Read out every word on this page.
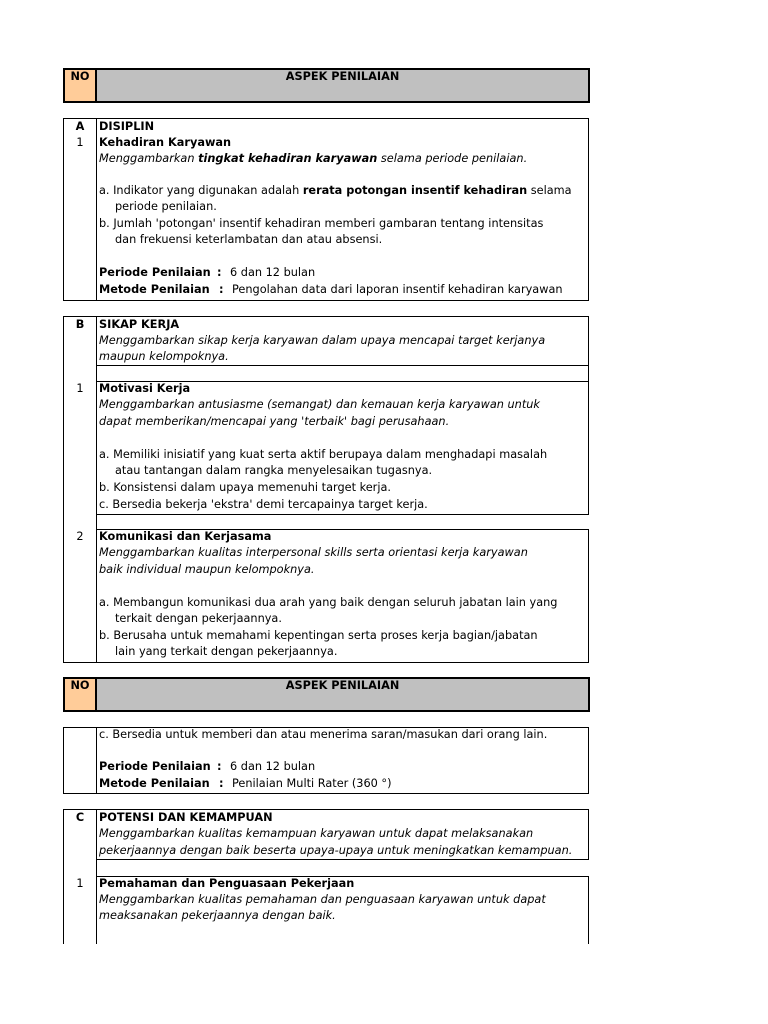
NO	ASPEK PENILAIAN
A	DISIPLIN
1	Kehadiran Karyawan
Menggambarkan tingkat kehadiran karyawan selama periode penilaian.
a. Indikator yang digunakan adalah rerata potongan insentif kehadiran selama
periode penilaian.
b. Jumlah 'potongan' insentif kehadiran memberi gambaran tentang intensitas
dan frekuensi keterlambatan dan atau absensi.
Periode Penilaian : 6 dan 12 bulan
Metode Penilaian : Pengolahan data dari laporan insentif kehadiran karyawan
B	SIKAP KERJA
Menggambarkan sikap kerja karyawan dalam upaya mencapai target kerjanya
maupun kelompoknya.
1	Motivasi Kerja
Menggambarkan antusiasme (semangat) dan kemauan kerja karyawan untuk
dapat memberikan/mencapai yang 'terbaik' bagi perusahaan.
a. Memiliki inisiatif yang kuat serta aktif berupaya dalam menghadapi masalah
atau tantangan dalam rangka menyelesaikan tugasnya.
b. Konsistensi dalam upaya memenuhi target kerja.
c. Bersedia bekerja 'ekstra' demi tercapainya target kerja.
2	Komunikasi dan Kerjasama
Menggambarkan kualitas interpersonal skills serta orientasi kerja karyawan
baik individual maupun kelompoknya.
a. Membangun komunikasi dua arah yang baik dengan seluruh jabatan lain yang
terkait dengan pekerjaannya.
b. Berusaha untuk memahami kepentingan serta proses kerja bagian/jabatan
lain yang terkait dengan pekerjaannya.
NO	ASPEK PENILAIAN
c. Bersedia untuk memberi dan atau menerima saran/masukan dari orang lain.
Periode Penilaian : 6 dan 12 bulan
Metode Penilaian : Penilaian Multi Rater (360 °)
C	POTENSI DAN KEMAMPUAN
Menggambarkan kualitas kemampuan karyawan untuk dapat melaksanakan
pekerjaannya dengan baik beserta upaya-upaya untuk meningkatkan kemampuan.
1	Pemahaman dan Penguasaan Pekerjaan
Menggambarkan kualitas pemahaman dan penguasaan karyawan untuk dapat
meaksanakan pekerjaannya dengan baik.
